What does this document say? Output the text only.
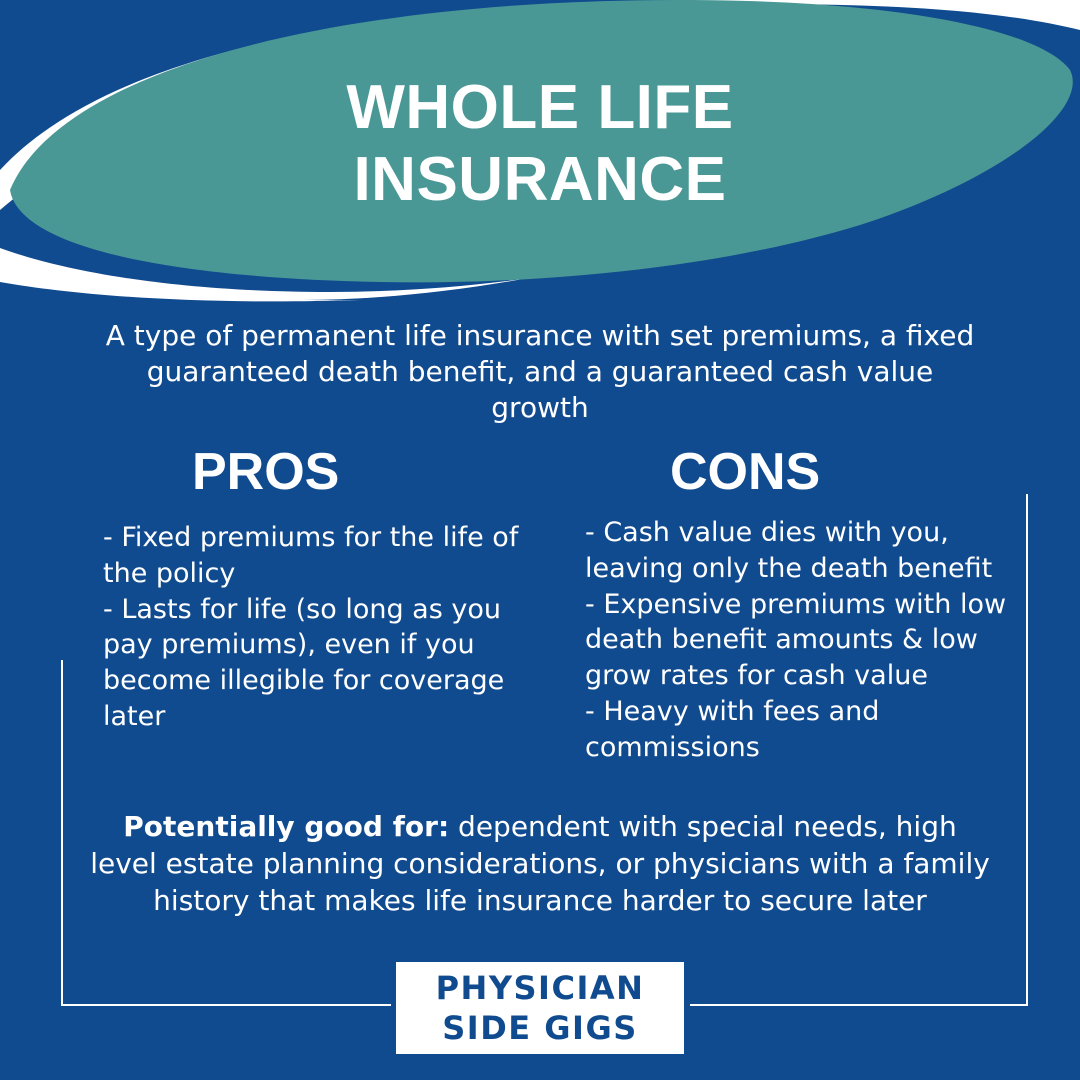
WHOLE LIFE
INSURANCE
A type of permanent life insurance with set premiums, a fixed guaranteed death benefit, and a guaranteed cash value growth
PROS	CONS
- Fixed premiums for the life of the policy
- Lasts for life (so long as you pay premiums), even if you become illegible for coverage later
- Cash value dies with you, leaving only the death benefit
- Expensive premiums with low death benefit amounts & low grow rates for cash value
- Heavy with fees and commissions
Potentially good for: dependent with special needs, high level estate planning considerations, or physicians with a family history that makes life insurance harder to secure later
PHYSICIAN
SIDE GIGS
